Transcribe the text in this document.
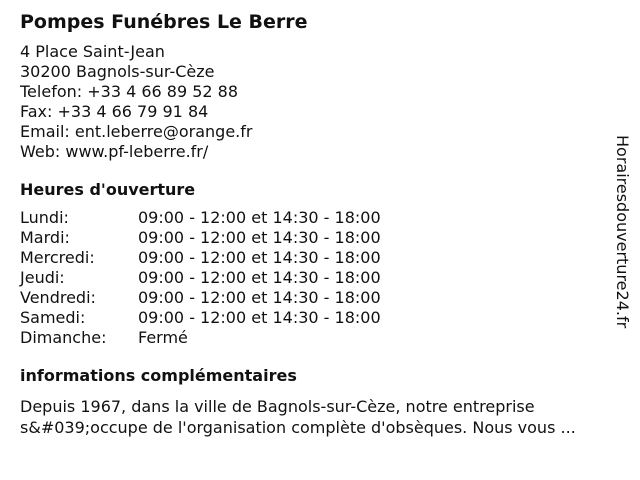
Pompes Funébres Le Berre

4 Place Saint-Jean

30200 Bagnols-sur-Cèze

Telefon: +33 4 66 89 52 88

Fax: +33 4 66 79 91 84

Email: ent.leberre@orange.fr

Web: www.pf-leberre.fr/

Heures d'ouverture
Lundi:	09:00 - 12:00 et 14:30 - 18:00
Mardi:	09:00 - 12:00 et 14:30 - 18:00
Mercredi:	09:00 - 12:00 et 14:30 - 18:00
Jeudi:	09:00 - 12:00 et 14:30 - 18:00
Vendredi:	09:00 - 12:00 et 14:30 - 18:00
Samedi:	09:00 - 12:00 et 14:30 - 18:00
Dimanche:	Fermé
informations complémentaires

Depuis 1967, dans la ville de Bagnols-sur-Cèze, notre entreprise s&#039;occupe de l'organisation complète d'obsèques. Nous vous ...

Horairesdouverture24.fr
